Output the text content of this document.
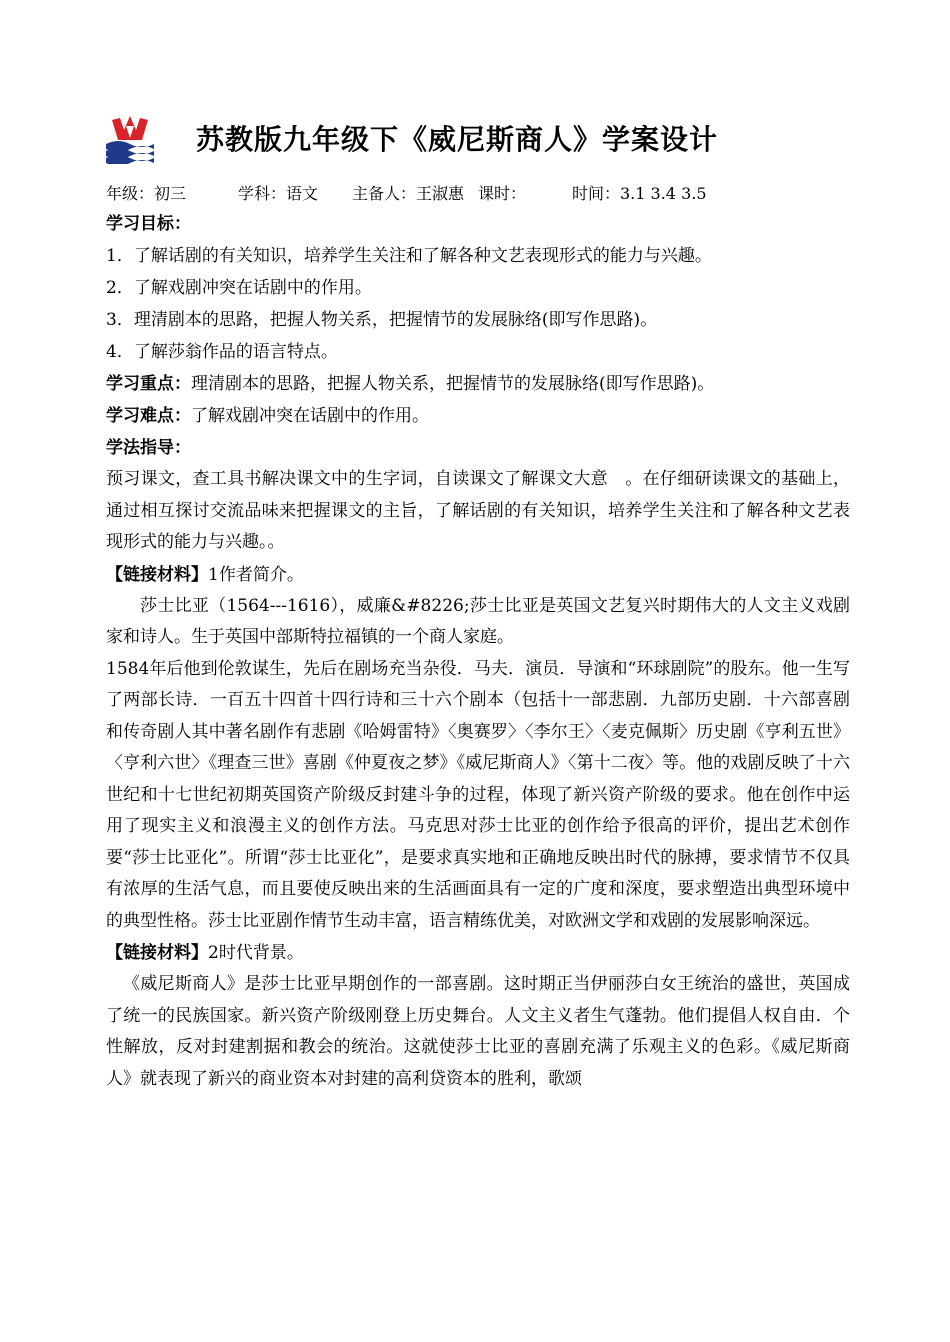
苏教版九年级下《威尼斯商人》学案设计
年级：初三	学科：语文 主备人：王淑惠 课时：	时间：3.1 3.4 3.5

学习目标：

1．了解话剧的有关知识，培养学生关注和了解各种文艺表现形式的能力与兴趣。

2．了解戏剧冲突在话剧中的作用。

3．理清剧本的思路，把握人物关系，把握情节的发展脉络(即写作思路)。

4．了解莎翁作品的语言特点。

学习重点：理清剧本的思路，把握人物关系，把握情节的发展脉络(即写作思路)。

学习难点：了解戏剧冲突在话剧中的作用。

学法指导：

预习课文，查工具书解决课文中的生字词，自读课文了解课文大意　。在仔细研读课文的基础上，通过相互探讨交流品味来把握课文的主旨，了解话剧的有关知识，培养学生关注和了解各种文艺表现形式的能力与兴趣。。

【链接材料】1作者简介。

莎士比亚（1564---1616），威廉&#8226;莎士比亚是英国文艺复兴时期伟大的人文主义戏剧家和诗人。生于英国中部斯特拉福镇的一个商人家庭。

1584年后他到伦敦谋生，先后在剧场充当杂役．马夫．演员．导演和“环球剧院”的股东。他一生写了两部长诗．一百五十四首十四行诗和三十六个剧本（包括十一部悲剧．九部历史剧．十六部喜剧和传奇剧人其中著名剧作有悲剧《哈姆雷特》〈奥赛罗〉〈李尔王〉〈麦克佩斯〉历史剧《亨利五世》〈亨利六世〉《理查三世》喜剧《仲夏夜之梦》《威尼斯商人》〈第十二夜〉等。他的戏剧反映了十六世纪和十七世纪初期英国资产阶级反封建斗争的过程，体现了新兴资产阶级的要求。他在创作中运用了现实主义和浪漫主义的创作方法。马克思对莎士比亚的创作给予很高的评价，提出艺术创作要“莎士比亚化”。所谓“莎士比亚化”，是要求真实地和正确地反映出时代的脉搏，要求情节不仅具有浓厚的生活气息，而且要使反映出来的生活画面具有一定的广度和深度，要求塑造出典型环境中的典型性格。莎士比亚剧作情节生动丰富，语言精练优美，对欧洲文学和戏剧的发展影响深远。

【链接材料】2时代背景。

《威尼斯商人》是莎士比亚早期创作的一部喜剧。这时期正当伊丽莎白女王统治的盛世，英国成了统一的民族国家。新兴资产阶级刚登上历史舞台。人文主义者生气蓬勃。他们提倡人权自由．个性解放，反对封建割据和教会的统治。这就使莎士比亚的喜剧充满了乐观主义的色彩。《威尼斯商人》就表现了新兴的商业资本对封建的高利贷资本的胜利，歌颂
